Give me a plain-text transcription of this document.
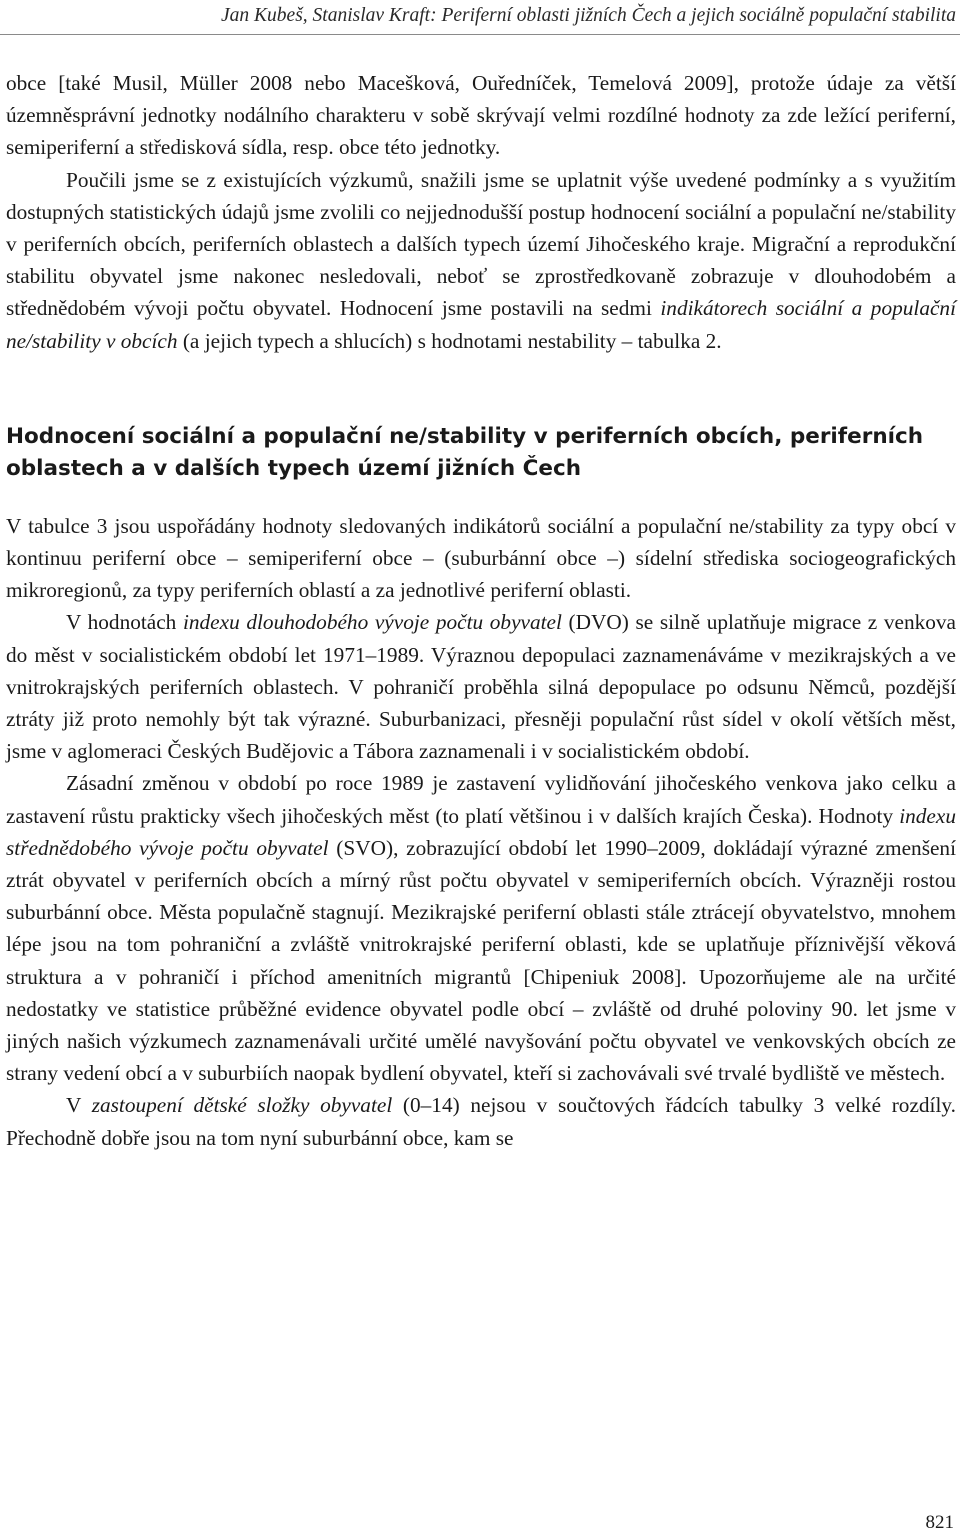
Jan Kubeš, Stanislav Kraft: Periferní oblasti jižních Čech a jejich sociálně populační stabilita

obce [také Musil, Müller 2008 nebo Macešková, Ouředníček, Temelová 2009], protože údaje za větší územněsprávní jednotky nodálního charakteru v sobě skrývají velmi rozdílné hodnoty za zde ležící periferní, semiperiferní a středisková sídla, resp. obce této jednotky.

Poučili jsme se z existujících výzkumů, snažili jsme se uplatnit výše uvedené podmínky a s využitím dostupných statistických údajů jsme zvolili co nejjednodušší postup hodnocení sociální a populační ne/stability v periferních obcích, periferních oblastech a dalších typech území Jihočeského kraje. Migrační a reprodukční stabilitu obyvatel jsme nakonec nesledovali, neboť se zprostředkovaně zobrazuje v dlouhodobém a střednědobém vývoji počtu obyvatel. Hodnocení jsme postavili na sedmi indikátorech sociální a populační ne/stability v obcích (a jejich typech a shlucích) s hodnotami nestability – tabulka 2.

Hodnocení sociální a populační ne/stability v periferních obcích, periferních oblastech a v dalších typech území jižních Čech

V tabulce 3 jsou uspořádány hodnoty sledovaných indikátorů sociální a populační ne/stability za typy obcí v kontinuu periferní obce – semiperiferní obce – (suburbánní obce –) sídelní střediska sociogeografických mikroregionů, za typy periferních oblastí a za jednotlivé periferní oblasti.

V hodnotách indexu dlouhodobého vývoje počtu obyvatel (DVO) se silně uplatňuje migrace z venkova do měst v socialistickém období let 1971–1989. Výraznou depopulaci zaznamenáváme v mezikrajských a ve vnitrokrajských periferních oblastech. V pohraničí proběhla silná depopulace po odsunu Němců, pozdější ztráty již proto nemohly být tak výrazné. Suburbanizaci, přesněji populační růst sídel v okolí větších měst, jsme v aglomeraci Českých Budějovic a Tábora zaznamenali i v socialistickém období.

Zásadní změnou v období po roce 1989 je zastavení vylidňování jihočeského venkova jako celku a zastavení růstu prakticky všech jihočeských měst (to platí většinou i v dalších krajích Česka). Hodnoty indexu střednědobého vývoje počtu obyvatel (SVO), zobrazující období let 1990–2009, dokládají výrazné zmenšení ztrát obyvatel v periferních obcích a mírný růst počtu obyvatel v semiperiferních obcích. Výrazněji rostou suburbánní obce. Města populačně stagnují. Mezikrajské periferní oblasti stále ztrácejí obyvatelstvo, mnohem lépe jsou na tom pohraniční a zvláště vnitrokrajské periferní oblasti, kde se uplatňuje příznivější věková struktura a v pohraničí i příchod amenitních migrantů [Chipeniuk 2008]. Upozorňujeme ale na určité nedostatky ve statistice průběžné evidence obyvatel podle obcí – zvláště od druhé poloviny 90. let jsme v jiných našich výzkumech zaznamenávali určité umělé navyšování počtu obyvatel ve venkovských obcích ze strany vedení obcí a v suburbiích naopak bydlení obyvatel, kteří si zachovávali své trvalé bydliště ve městech.

V zastoupení dětské složky obyvatel (0–14) nejsou v součtových řádcích tabulky 3 velké rozdíly. Přechodně dobře jsou na tom nyní suburbánní obce, kam se

821
